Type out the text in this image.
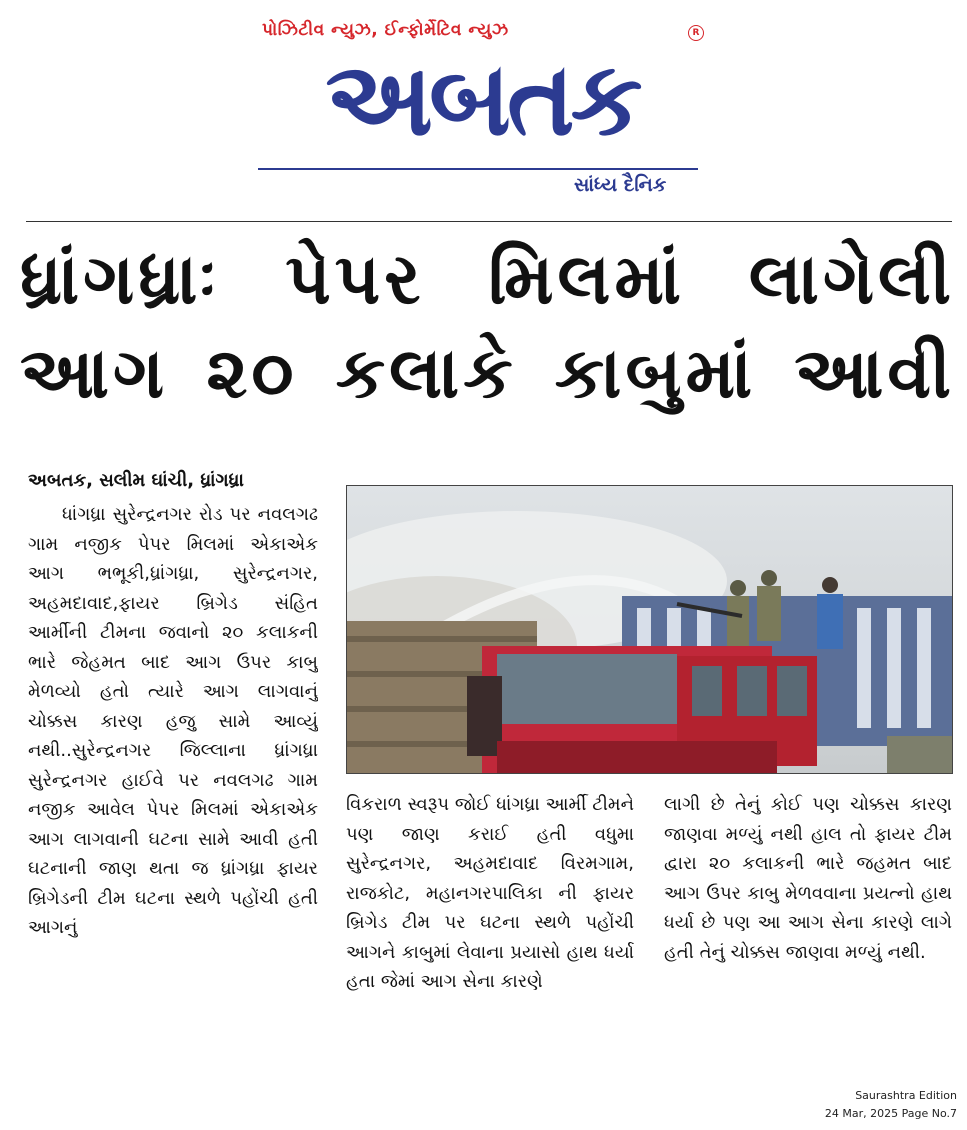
પોઝિટીવ ન્યુઝ, ઈન્ફોર્મેટિવ ન્યુઝ	R
અબતક
સાંધ્ય દૈનિક
ધ્રાંગધ્રાઃ પેપર મિલમાં લાગેલી
આગ ૨૦ કલાકે કાબુમાં આવી
અબતક, સલીમ ઘાંચી, ધ્રાંગધ્રા

ધાંગધ્રા સુરેન્દ્રનગર રોડ પર નવલગઢ ગામ નજીક પેપર મિલમાં એકાએક આગ ભભૂકી,ધ્રાંગધ્રા, સુરેન્દ્રનગર, અહમદાવાદ,ફાયર બ્રિગેડ સંહિત આર્મીની ટીમના જવાનો ૨૦ કલાકની ભારે જેહમત બાદ આગ ઉપર કાબુ મેળવ્યો હતો ત્યારે આગ લાગવાનું ચોક્કસ કારણ હજુ સામે આવ્યું નથી..સુરેન્દ્રનગર જિલ્લાના ધ્રાંગધ્રા સુરેન્દ્રનગર હાઈવે પર નવલગઢ ગામ નજીક આવેલ પેપર મિલમાં એકાએક આગ લાગવાની ઘટના સામે આવી હતી ઘટનાની જાણ થતા જ ધ્રાંગધ્રા ફાયર બ્રિગેડની ટીમ ઘટના સ્થળે પહોંચી હતી આગનું

વિકરાળ સ્વરૂપ જોઈ ધાંગધ્રા આર્મી ટીમને પણ જાણ કરાઈ હતી વધુમા સુરેન્દ્રનગર, અહમદાવાદ વિરમગામ, રાજકોટ, મહાનગરપાલિકા ની ફાયર બ્રિગેડ ટીમ પર ઘટના સ્થળે પહોંચી આગને કાબુમાં લેવાના પ્રયાસો હાથ ધર્યા હતા જેમાં આગ સેના કારણે

લાગી છે તેનું કોઈ પણ ચોક્કસ કારણ જાણવા મળ્યું નથી હાલ તો ફાયર ટીમ દ્વારા ૨૦ કલાકની ભારે જહમત બાદ આગ ઉપર કાબુ મેળવવાના પ્રયત્નો હાથ ધર્યા છે પણ આ આગ સેના કારણે લાગે હતી તેનું ચોક્કસ જાણવા મળ્યું નથી.

Saurashtra Edition
24 Mar, 2025 Page No.7
